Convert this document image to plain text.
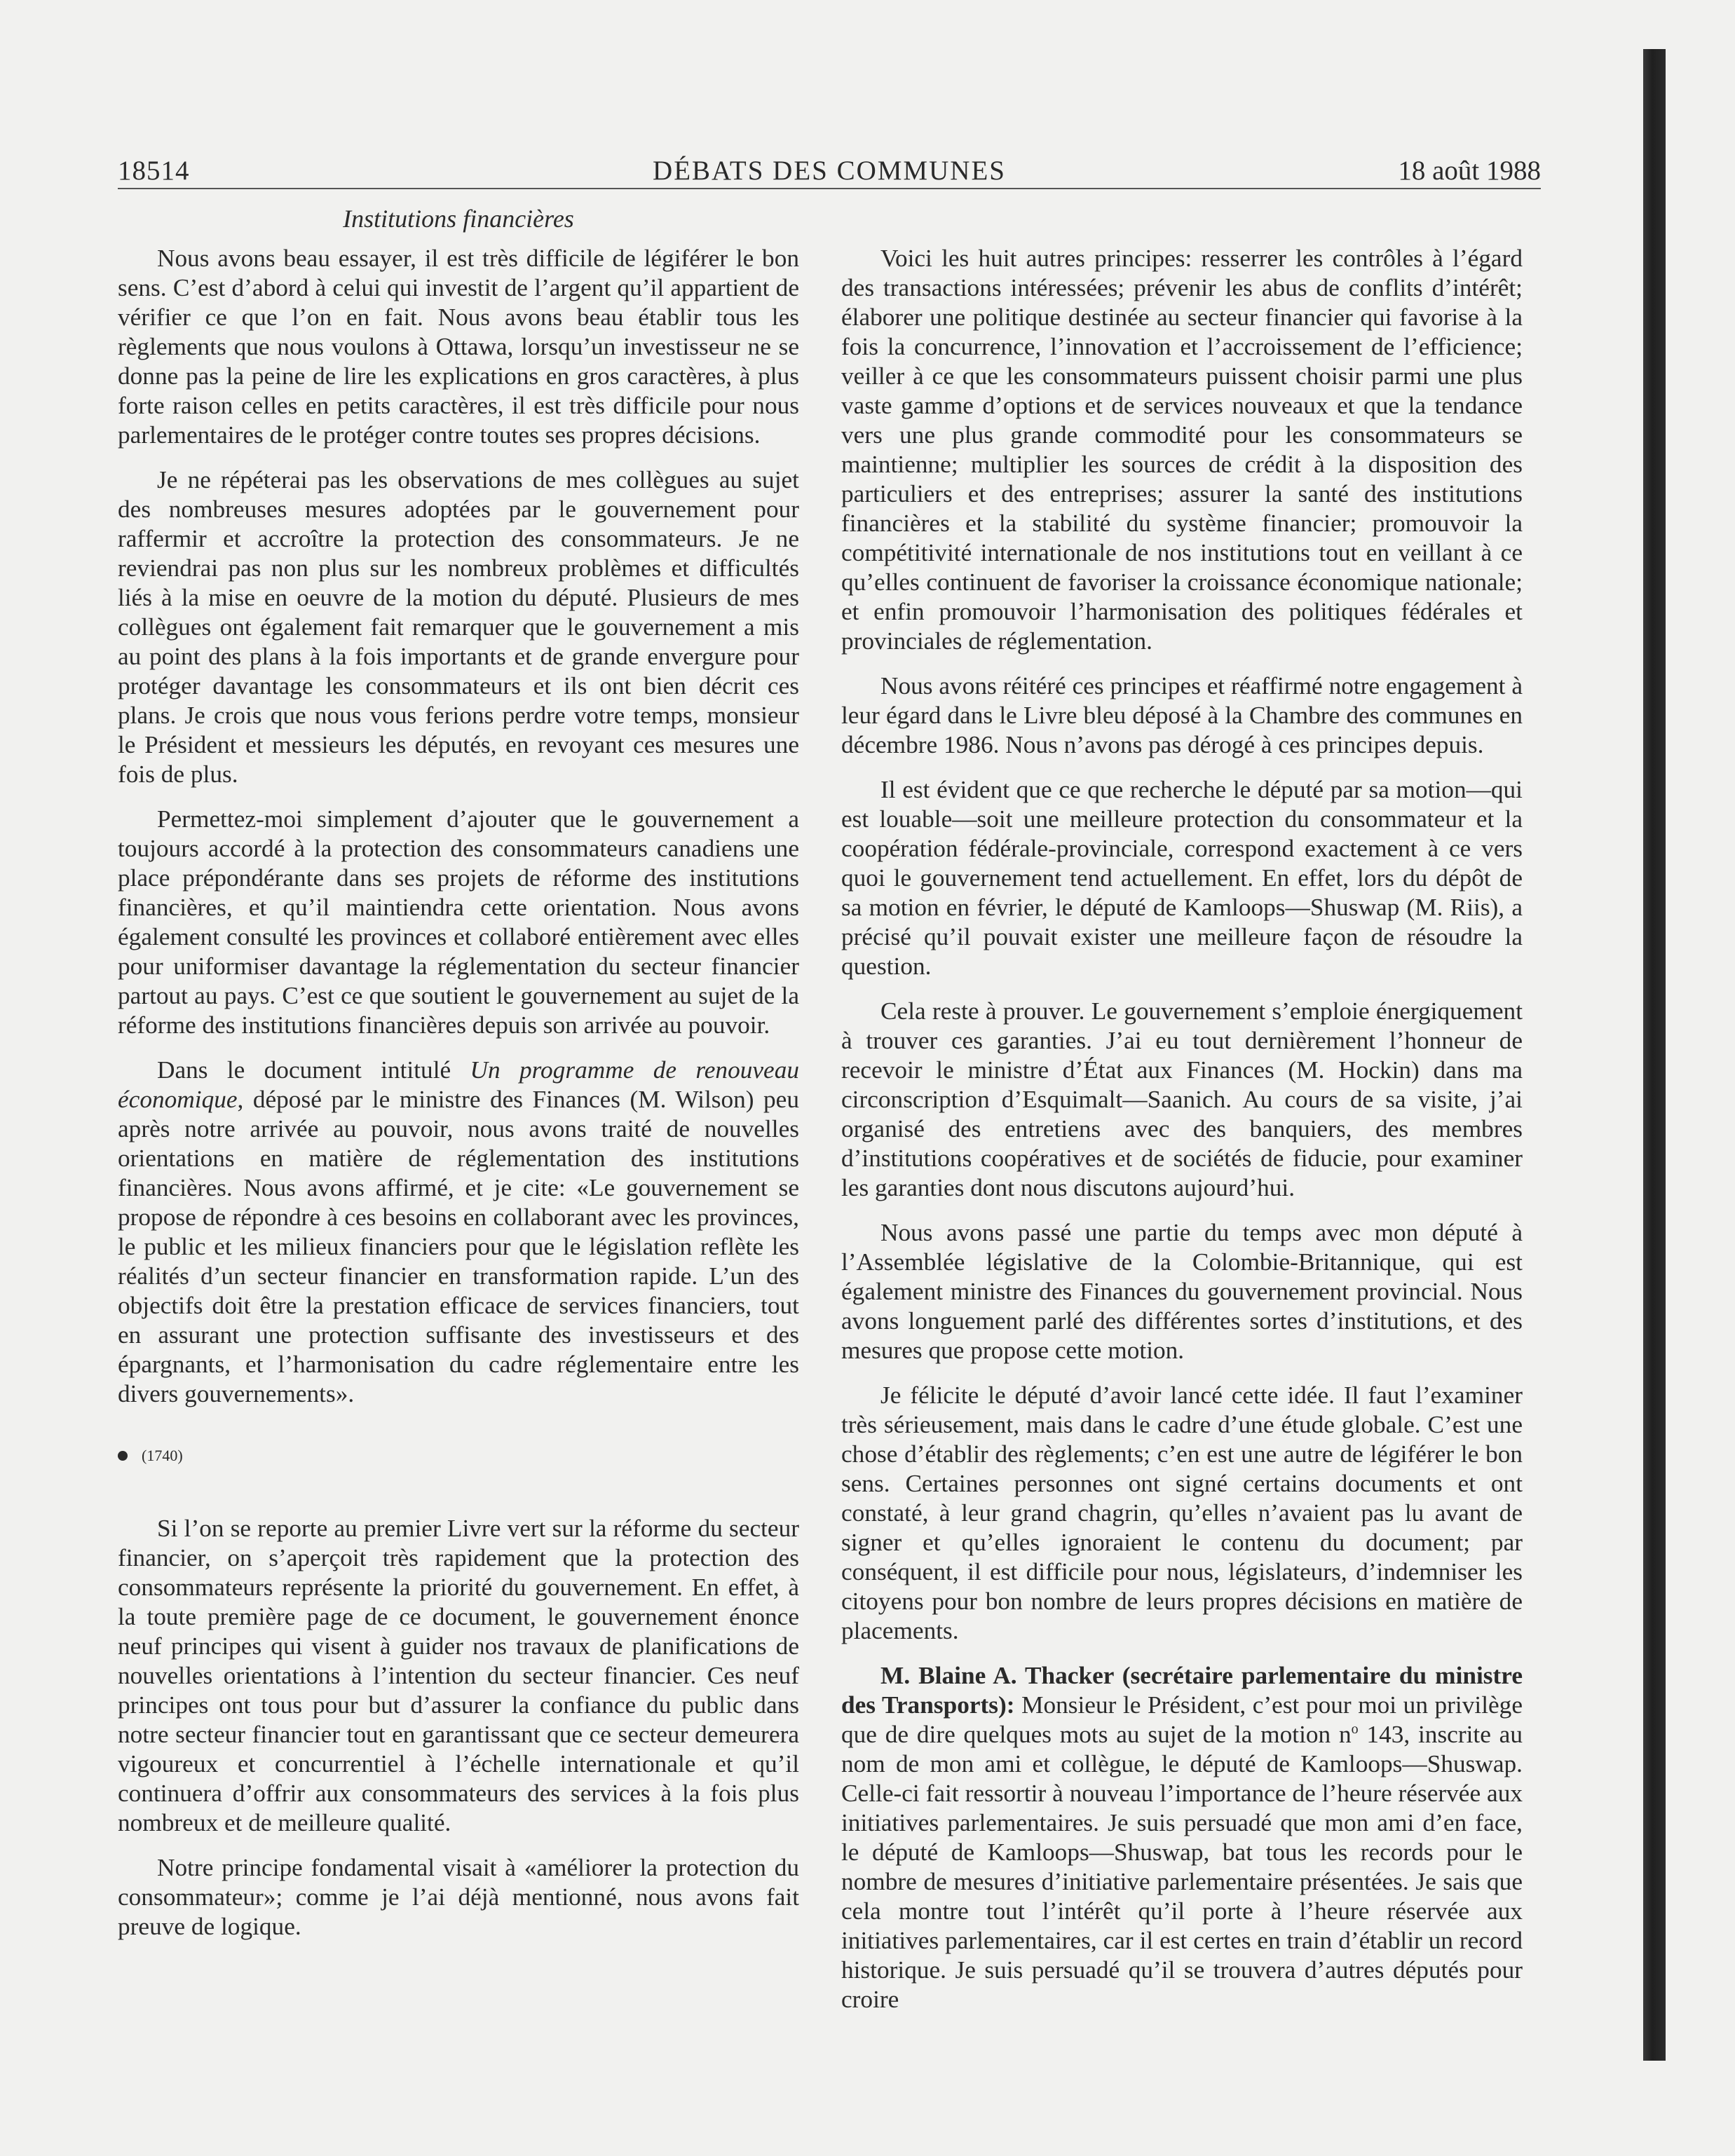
18514	DÉBATS DES COMMUNES	18 août 1988
Institutions financières

Nous avons beau essayer, il est très difficile de légiférer le bon sens. C’est d’abord à celui qui investit de l’argent qu’il appartient de vérifier ce que l’on en fait. Nous avons beau établir tous les règlements que nous voulons à Ottawa, lorsqu’un investisseur ne se donne pas la peine de lire les explications en gros caractères, à plus forte raison celles en petits caractères, il est très difficile pour nous parlementaires de le protéger contre toutes ses propres décisions.

Je ne répéterai pas les observations de mes collègues au sujet des nombreuses mesures adoptées par le gouvernement pour raffermir et accroître la protection des consommateurs. Je ne reviendrai pas non plus sur les nombreux problèmes et difficultés liés à la mise en oeuvre de la motion du député. Plusieurs de mes collègues ont également fait remarquer que le gouvernement a mis au point des plans à la fois importants et de grande envergure pour protéger davantage les consommateurs et ils ont bien décrit ces plans. Je crois que nous vous ferions perdre votre temps, monsieur le Président et messieurs les députés, en revoyant ces mesures une fois de plus.

Permettez-moi simplement d’ajouter que le gouvernement a toujours accordé à la protection des consommateurs canadiens une place prépondérante dans ses projets de réforme des institutions financières, et qu’il maintiendra cette orientation. Nous avons également consulté les provinces et collaboré entièrement avec elles pour uniformiser davantage la réglementation du secteur financier partout au pays. C’est ce que soutient le gouvernement au sujet de la réforme des institutions financières depuis son arrivée au pouvoir.

Dans le document intitulé Un programme de renouveau économique, déposé par le ministre des Finances (M. Wilson) peu après notre arrivée au pouvoir, nous avons traité de nouvelles orientations en matière de réglementation des institutions financières. Nous avons affirmé, et je cite: «Le gouvernement se propose de répondre à ces besoins en collaborant avec les provinces, le public et les milieux financiers pour que le législation reflète les réalités d’un secteur financier en transformation rapide. L’un des objectifs doit être la prestation efficace de services financiers, tout en assurant une protection suffisante des investisseurs et des épargnants, et l’harmonisation du cadre réglementaire entre les divers gouvernements».

(1740)

Si l’on se reporte au premier Livre vert sur la réforme du secteur financier, on s’aperçoit très rapidement que la protection des consommateurs représente la priorité du gouvernement. En effet, à la toute première page de ce document, le gouvernement énonce neuf principes qui visent à guider nos travaux de planifications de nouvelles orientations à l’intention du secteur financier. Ces neuf principes ont tous pour but d’assurer la confiance du public dans notre secteur financier tout en garantissant que ce secteur demeurera vigoureux et concurrentiel à l’échelle internationale et qu’il continuera d’offrir aux consommateurs des services à la fois plus nombreux et de meilleure qualité.

Notre principe fondamental visait à «améliorer la protection du consommateur»; comme je l’ai déjà mentionné, nous avons fait preuve de logique.

Voici les huit autres principes: resserrer les contrôles à l’égard des transactions intéressées; prévenir les abus de conflits d’intérêt; élaborer une politique destinée au secteur financier qui favorise à la fois la concurrence, l’innovation et l’accroissement de l’efficience; veiller à ce que les consommateurs puissent choisir parmi une plus vaste gamme d’options et de services nouveaux et que la tendance vers une plus grande commodité pour les consommateurs se maintienne; multiplier les sources de crédit à la disposition des particuliers et des entreprises; assurer la santé des institutions financières et la stabilité du système financier; promouvoir la compétitivité internationale de nos institutions tout en veillant à ce qu’elles continuent de favoriser la croissance économique nationale; et enfin promouvoir l’harmonisation des politiques fédérales et provinciales de réglementation.

Nous avons réitéré ces principes et réaffirmé notre engagement à leur égard dans le Livre bleu déposé à la Chambre des communes en décembre 1986. Nous n’avons pas dérogé à ces principes depuis.

Il est évident que ce que recherche le député par sa motion—qui est louable—soit une meilleure protection du consommateur et la coopération fédérale-provinciale, correspond exactement à ce vers quoi le gouvernement tend actuellement. En effet, lors du dépôt de sa motion en février, le député de Kamloops—Shuswap (M. Riis), a précisé qu’il pouvait exister une meilleure façon de résoudre la question.

Cela reste à prouver. Le gouvernement s’emploie énergiquement à trouver ces garanties. J’ai eu tout dernièrement l’honneur de recevoir le ministre d’État aux Finances (M. Hockin) dans ma circonscription d’Esquimalt—Saanich. Au cours de sa visite, j’ai organisé des entretiens avec des banquiers, des membres d’institutions coopératives et de sociétés de fiducie, pour examiner les garanties dont nous discutons aujourd’hui.

Nous avons passé une partie du temps avec mon député à l’Assemblée législative de la Colombie-Britannique, qui est également ministre des Finances du gouvernement provincial. Nous avons longuement parlé des différentes sortes d’institutions, et des mesures que propose cette motion.

Je félicite le député d’avoir lancé cette idée. Il faut l’examiner très sérieusement, mais dans le cadre d’une étude globale. C’est une chose d’établir des règlements; c’en est une autre de légiférer le bon sens. Certaines personnes ont signé certains documents et ont constaté, à leur grand chagrin, qu’elles n’avaient pas lu avant de signer et qu’elles ignoraient le contenu du document; par conséquent, il est difficile pour nous, législateurs, d’indemniser les citoyens pour bon nombre de leurs propres décisions en matière de placements.

M. Blaine A. Thacker (secrétaire parlementaire du ministre des Transports): Monsieur le Président, c’est pour moi un privilège que de dire quelques mots au sujet de la motion $n^o$ 143, inscrite au nom de mon ami et collègue, le député de Kamloops—Shuswap. Celle-ci fait ressortir à nouveau l’importance de l’heure réservée aux initiatives parlementaires. Je suis persuadé que mon ami d’en face, le député de Kamloops—Shuswap, bat tous les records pour le nombre de mesures d’initiative parlementaire présentées. Je sais que cela montre tout l’intérêt qu’il porte à l’heure réservée aux initiatives parlementaires, car il est certes en train d’établir un record historique. Je suis persuadé qu’il se trouvera d’autres députés pour croire
